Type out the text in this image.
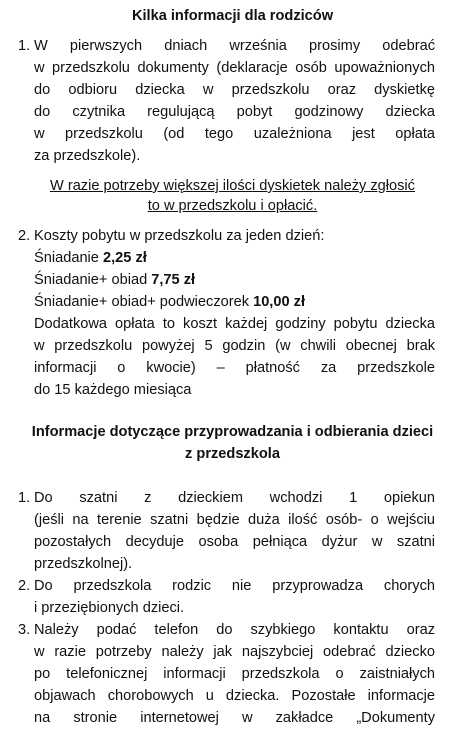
Kilka informacji dla rodziców
1. W pierwszych dniach września prosimy odebrać
w przedszkolu dokumenty (deklaracje osób upoważnionych
do odbioru dziecka w przedszkolu oraz dyskietkę
do czytnika regulującą pobyt godzinowy dziecka
w przedszkolu (od tego uzależniona jest opłata
za przedszkole).
W razie potrzeby większej ilości dyskietek należy zgłosić
to w przedszkolu i opłacić.
2. Koszty pobytu w przedszkolu za jeden dzień:
Śniadanie 2,25 zł
Śniadanie+ obiad 7,75 zł
Śniadanie+ obiad+ podwieczorek 10,00 zł
Dodatkowa opłata to koszt każdej godziny pobytu dziecka
w przedszkolu powyżej 5 godzin (w chwili obecnej brak
informacji o kwocie) – płatność za przedszkole
do 15 każdego miesiąca
Informacje dotyczące przyprowadzania i odbierania dzieci
z przedszkola
1. Do szatni z dzieckiem wchodzi 1 opiekun
(jeśli na terenie szatni będzie duża ilość osób- o wejściu
pozostałych decyduje osoba pełniąca dyżur w szatni
przedszkolnej).
2. Do przedszkola rodzic nie przyprowadza chorych
i przeziębionych dzieci.
3. Należy podać telefon do szybkiego kontaktu oraz
w razie potrzeby należy jak najszybciej odebrać dziecko
po telefonicznej informacji przedszkola o zaistniałych
objawach chorobowych u dziecka. Pozostałe informacje
na stronie internetowej w zakładce „Dokumenty
